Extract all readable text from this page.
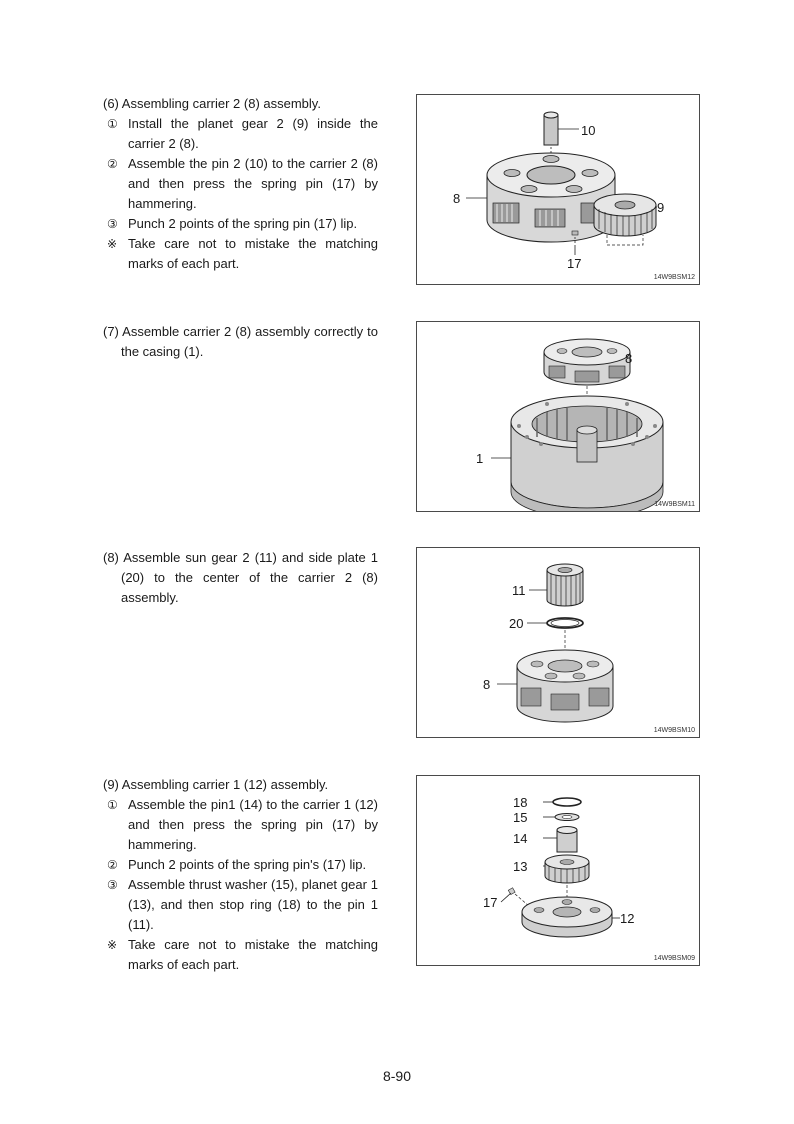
(6) Assembling carrier 2 (8) assembly.
① Install the planet gear 2 (9) inside the carrier 2 (8).
② Assemble the pin 2 (10) to the carrier 2 (8) and then press the spring pin (17) by hammering.
③ Punch 2 points of the spring pin (17) lip.
※ Take care not to mistake the matching marks of each part.
10
8
9
17
14W9BSM12
(7) Assemble carrier 2 (8) assembly correctly to the casing (1).	8
1
14W9BSM11
(8) Assemble sun gear 2 (11) and side plate 1 (20) to the center of the carrier 2 (8) assembly.	11
20
8
14W9BSM10
(9) Assembling carrier 1 (12) assembly.
① Assemble the pin1 (14) to the carrier 1 (12) and then press the spring pin (17) by hammering.
② Punch 2 points of the spring pin's (17) lip.
③ Assemble thrust washer (15), planet gear 1 (13), and then stop ring (18) to the pin 1 (11).
※ Take care not to mistake the matching marks of each part.
18
15
14
13
17
12
14W9BSM09
8-90
